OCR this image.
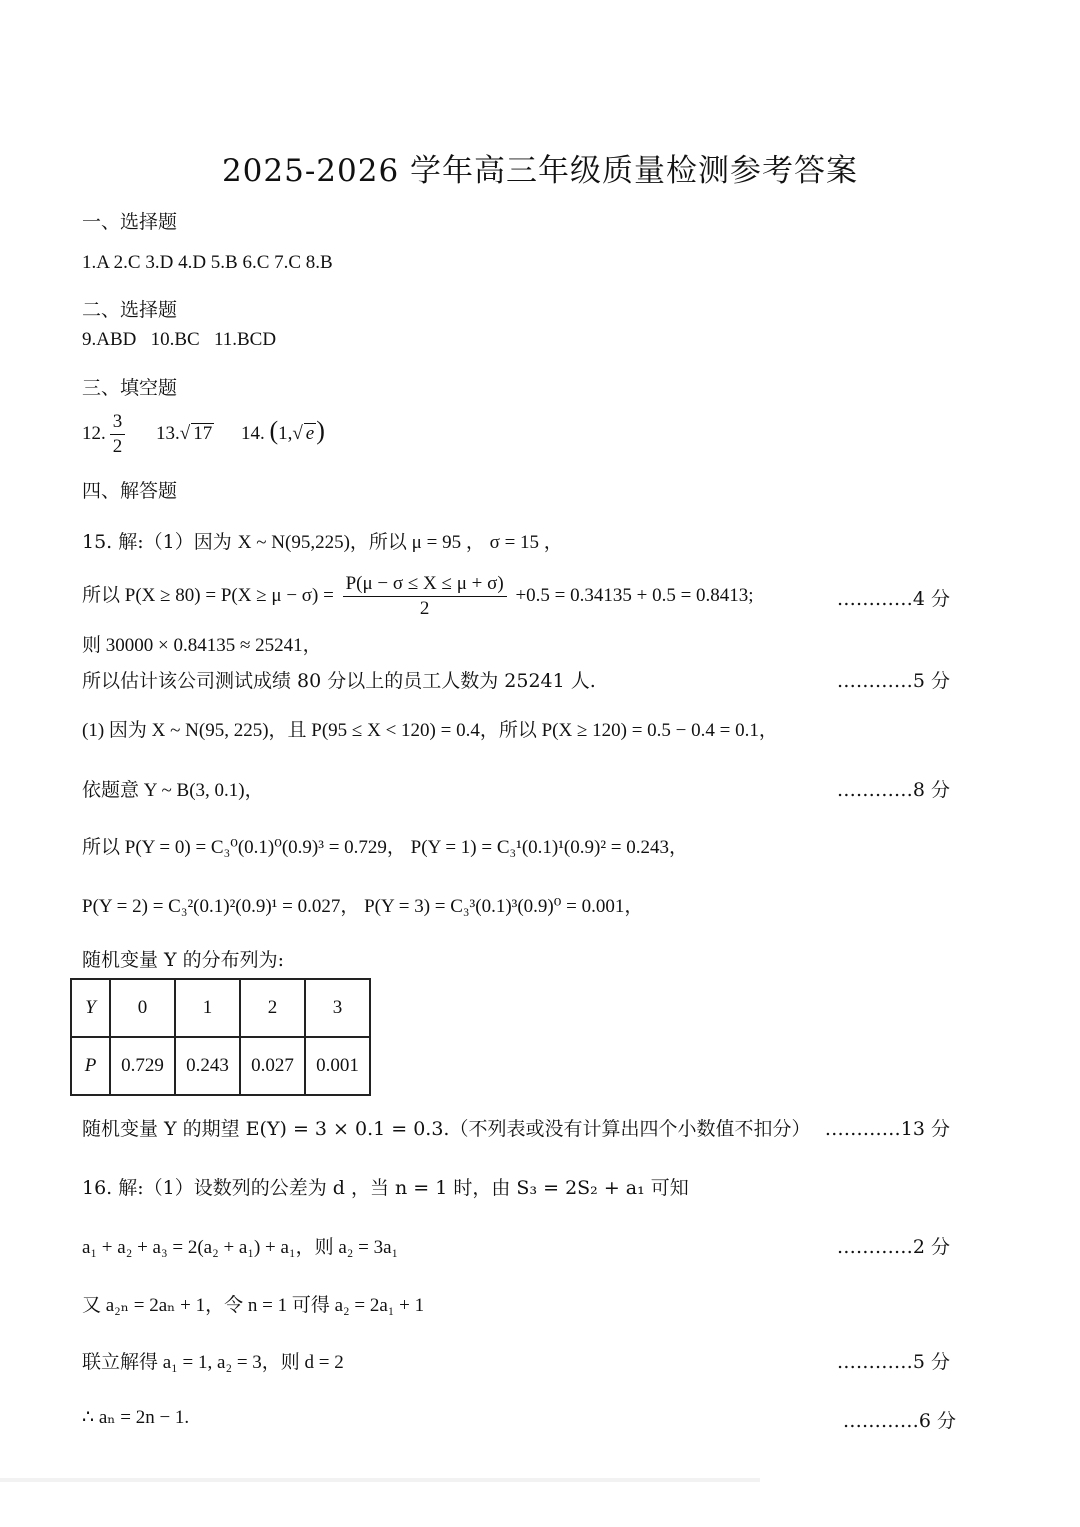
2025-2026 学年高三年级质量检测参考答案
一、选择题
1.A 2.C 3.D 4.D 5.B 6.C 7.C 8.B
二、选择题
9.ABD   10.BC   11.BCD
三、填空题
12. $\frac{3}{2} 13.√$ 17 14. (1,√ e)
四、解答题
15. 解:（1）因为 X ~ N(95,225)，所以 μ = 95 ， σ = 15 ，
所以 $P(X \ge 80) = P(X \ge \mu - \sigma) = \frac{P(\mu - \sigma \le X \le \mu + \sigma)}{2} +0.5 = 0.34135 + 0.5 = 0.8413$;	…………4 分
则 30000 × 0.84135 ≈ 25241，
所以估计该公司测试成绩 80 分以上的员工人数为 25241 人.	…………5 分
(1) 因为 X ~ N(95, 225)，且 P(95 ≤ X < 120) = 0.4，所以 P(X ≥ 120) = 0.5 − 0.4 = 0.1，
依题意 Y ~ B(3, 0.1)，	…………8 分
所以 P(Y = 0) = C₃⁰(0.1)⁰(0.9)³ = 0.729， P(Y = 1) = C₃¹(0.1)¹(0.9)² = 0.243，
P(Y = 2) = C₃²(0.1)²(0.9)¹ = 0.027， P(Y = 3) = C₃³(0.1)³(0.9)⁰ = 0.001，
随机变量 Y 的分布列为:
Y	0	1	2	3
P	0.729	0.243	0.027	0.001
随机变量 Y 的期望 E(Y) = 3 × 0.1 = 0.3.（不列表或没有计算出四个小数值不扣分） …………13 分
16. 解:（1）设数列的公差为 d ，当 n = 1 时，由 S₃ = 2S₂ + a₁ 可知
a₁ + a₂ + a₃ = 2(a₂ + a₁) + a₁，则 a₂ = 3a₁	…………2 分
又 a₂ₙ = 2aₙ + 1，令 n = 1 可得 a₂ = 2a₁ + 1
联立解得 a₁ = 1, a₂ = 3，则 d = 2	…………5 分
∴ aₙ = 2n − 1.	…………6 分
